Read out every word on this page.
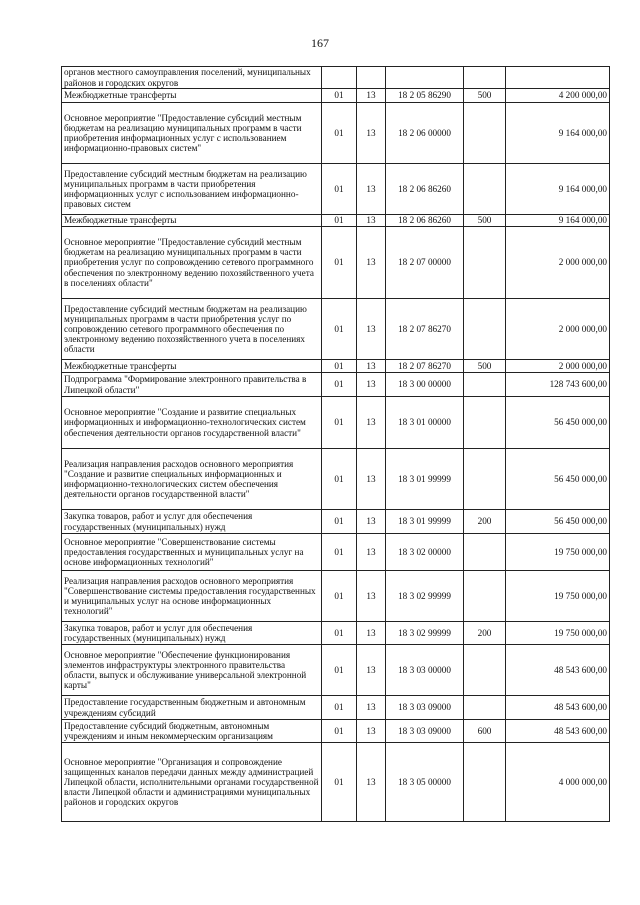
167
органов местного самоуправления поселений, муниципальных районов и городских округов					
Межбюджетные трансферты	01	13	18 2 05 86290	500	4 200 000,00
Основное мероприятие "Предоставление субсидий местным бюджетам на реализацию муниципальных программ в части приобретения информационных услуг с использованием информационно-правовых систем"	01	13	18 2 06 00000		9 164 000,00
Предоставление субсидий местным бюджетам на реализацию муниципальных программ в части приобретения информационных услуг с использованием информационно-правовых систем	01	13	18 2 06 86260		9 164 000,00
Межбюджетные трансферты	01	13	18 2 06 86260	500	9 164 000,00
Основное мероприятие "Предоставление субсидий местным бюджетам на реализацию муниципальных программ в части приобретения услуг по сопровождению сетевого программного обеспечения по электронному ведению похозяйственного учета в поселениях области"	01	13	18 2 07 00000		2 000 000,00
Предоставление субсидий местным бюджетам на реализацию муниципальных программ в части приобретения услуг по сопровождению сетевого программного обеспечения по электронному ведению похозяйственного учета в поселениях области	01	13	18 2 07 86270		2 000 000,00
Межбюджетные трансферты	01	13	18 2 07 86270	500	2 000 000,00
Подпрограмма "Формирование электронного правительства в Липецкой области"	01	13	18 3 00 00000		128 743 600,00
Основное мероприятие "Создание и развитие специальных информационных и информационно-технологических систем обеспечения деятельности органов государственной власти"	01	13	18 3 01 00000		56 450 000,00
Реализация направления расходов основного мероприятия "Создание и развитие специальных информационных и информационно-технологических систем обеспечения деятельности органов государственной власти"	01	13	18 3 01 99999		56 450 000,00
Закупка товаров, работ и услуг для обеспечения государственных (муниципальных) нужд	01	13	18 3 01 99999	200	56 450 000,00
Основное мероприятие "Совершенствование системы предоставления государственных и муниципальных услуг на основе информационных технологий"	01	13	18 3 02 00000		19 750 000,00
Реализация направления расходов основного мероприятия "Совершенствование системы предоставления государственных и муниципальных услуг на основе информационных технологий"	01	13	18 3 02 99999		19 750 000,00
Закупка товаров, работ и услуг для обеспечения государственных (муниципальных) нужд	01	13	18 3 02 99999	200	19 750 000,00
Основное мероприятие "Обеспечение функционирования элементов инфраструктуры электронного правительства области, выпуск и обслуживание универсальной электронной карты"	01	13	18 3 03 00000		48 543 600,00
Предоставление государственным бюджетным и автономным учреждениям субсидий	01	13	18 3 03 09000		48 543 600,00
Предоставление субсидий бюджетным, автономным учреждениям и иным некоммерческим организациям	01	13	18 3 03 09000	600	48 543 600,00
Основное мероприятие "Организация и сопровождение защищенных каналов передачи данных между администрацией Липецкой области, исполнительными органами государственной власти Липецкой области и администрациями муниципальных районов и городских округов	01	13	18 3 05 00000		4 000 000,00
